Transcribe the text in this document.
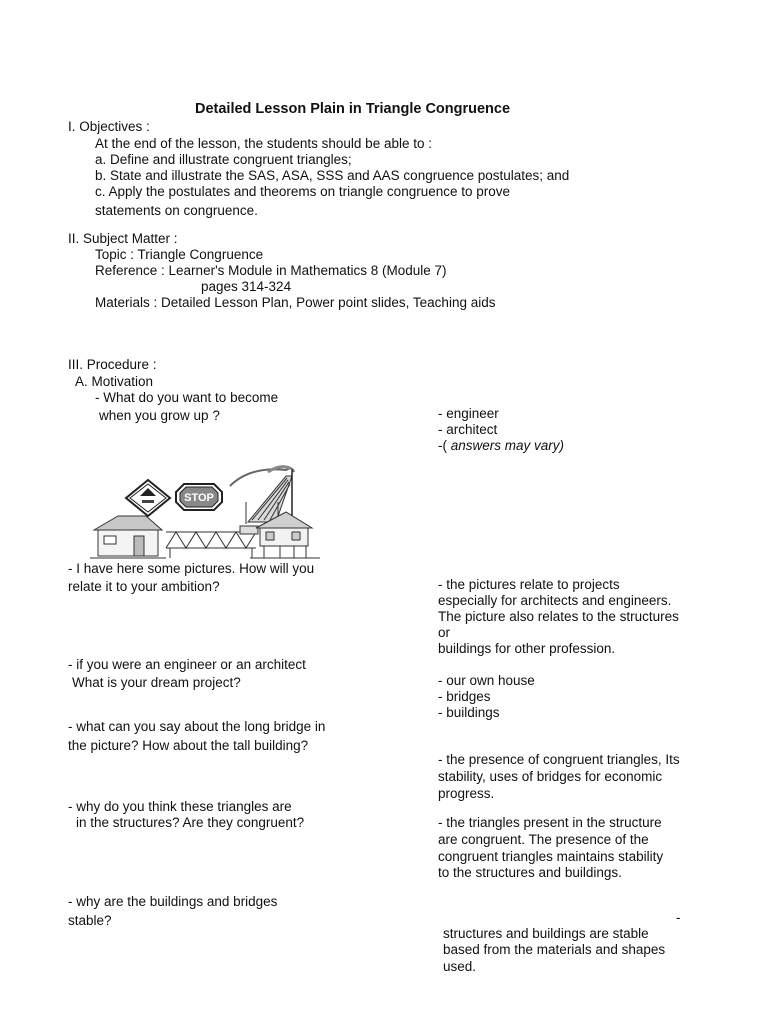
Detailed Lesson Plain in Triangle Congruence
I. Objectives :
At the end of the lesson, the students should be able to :
a. Define and illustrate congruent triangles;
b. State and illustrate the SAS, ASA, SSS and AAS congruence postulates; and
c. Apply the postulates and theorems on triangle congruence to prove
statements on congruence.
II. Subject Matter :
Topic : Triangle Congruence
Reference : Learner's Module in Mathematics 8 (Module 7)
pages 314-324
Materials : Detailed Lesson Plan, Power point slides, Teaching aids
III. Procedure :
A. Motivation
- What do you want to become
when you grow up ?
STOP
- I have here some pictures. How will you
relate it to your ambition?
- if you were an engineer or an architect
What is your dream project?
- what can you say about the long bridge in
the picture? How about the tall building?
- why do you think these triangles are
in the structures? Are they congruent?
- why are the buildings and bridges
stable?
- engineer
- architect
-( answers may vary)
- the pictures relate to projects
especially for architects and engineers.
The picture also relates to the structures
or
buildings for other profession.
- our own house
- bridges
- buildings
- the presence of congruent triangles, Its
stability, uses of bridges for economic
progress.
- the triangles present in the structure
are congruent. The presence of the
congruent triangles maintains stability
to the structures and buildings.
-
structures and buildings are stable
based from the materials and shapes
used.
